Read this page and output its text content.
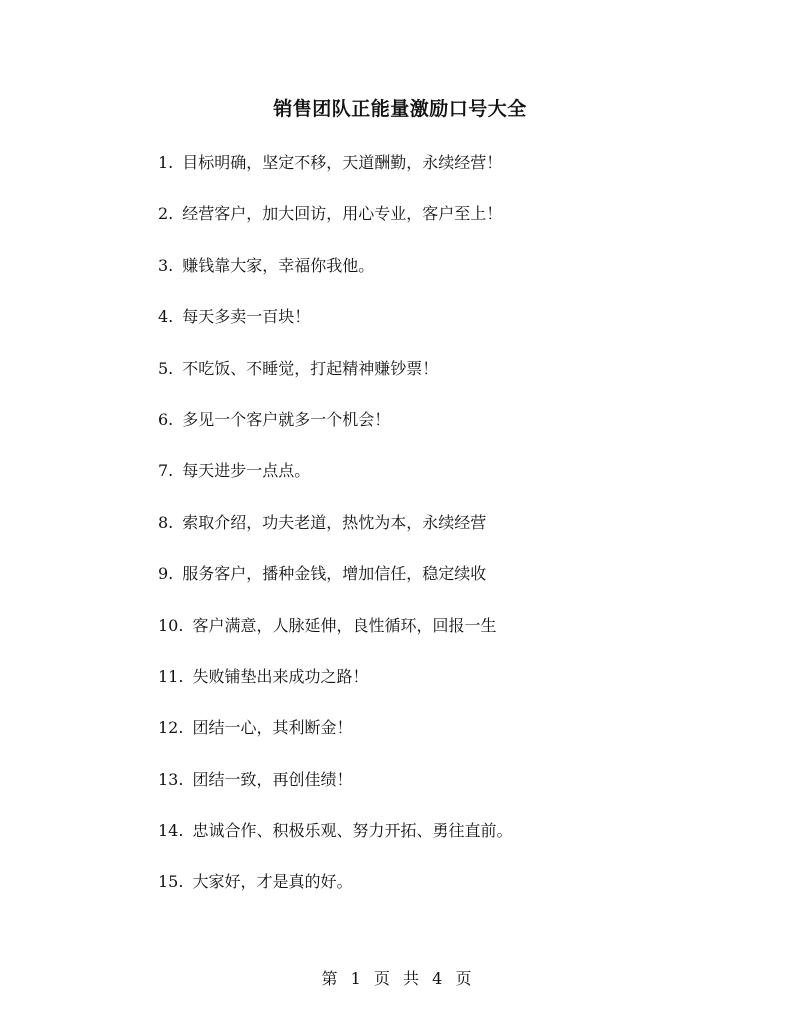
销售团队正能量激励口号大全
1. 目标明确，坚定不移，天道酬勤，永续经营！
2. 经营客户，加大回访，用心专业，客户至上！
3. 赚钱靠大家，幸福你我他。
4. 每天多卖一百块！
5. 不吃饭、不睡觉，打起精神赚钞票！
6. 多见一个客户就多一个机会！
7. 每天进步一点点。
8. 索取介绍，功夫老道，热忱为本，永续经营
9. 服务客户，播种金钱，增加信任，稳定续收
10. 客户满意，人脉延伸，良性循环，回报一生
11. 失败铺垫出来成功之路！
12. 团结一心，其利断金！
13. 团结一致，再创佳绩！
14. 忠诚合作、积极乐观、努力开拓、勇往直前。
15. 大家好，才是真的好。
第 1 页 共 4 页
